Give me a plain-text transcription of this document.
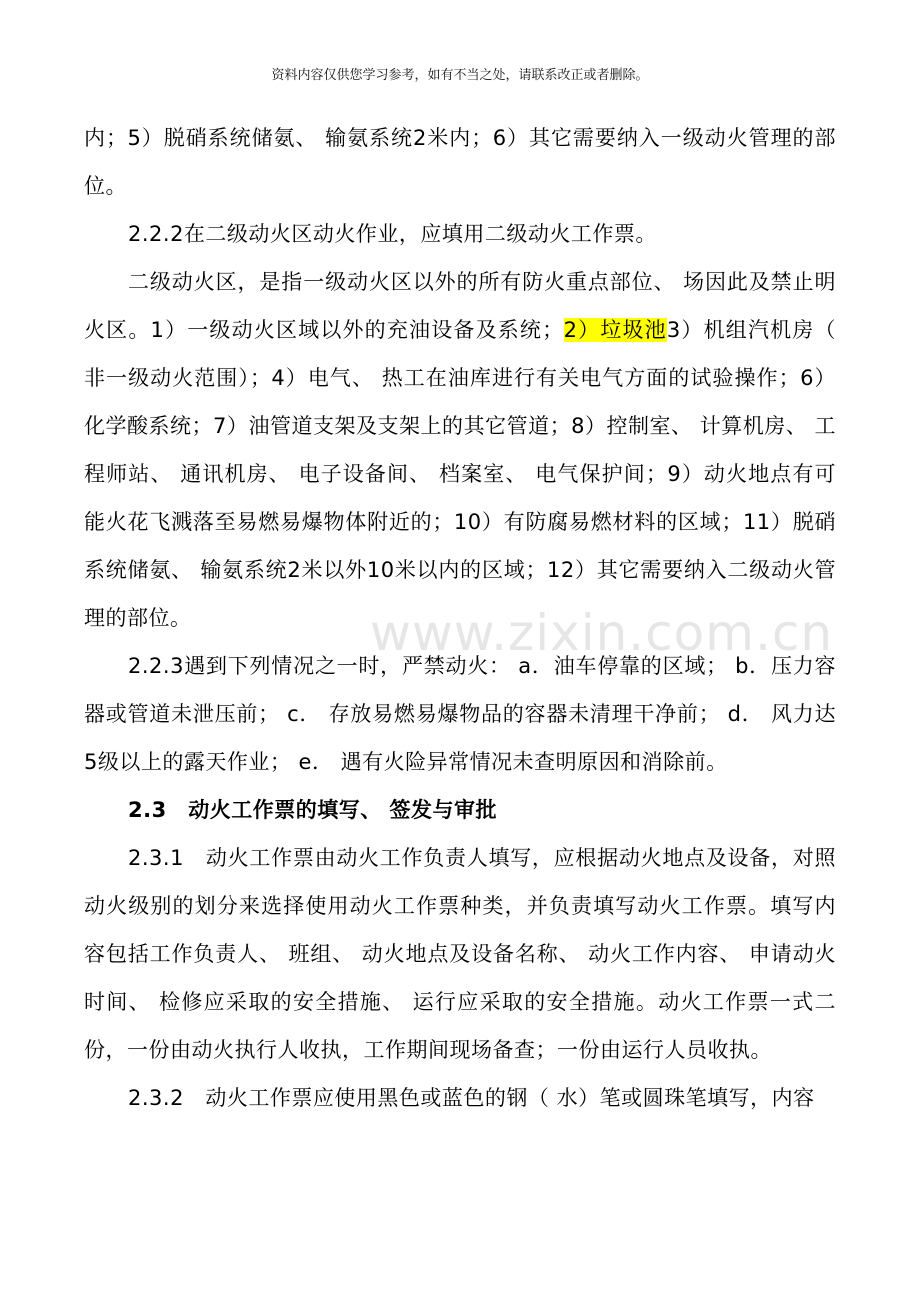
资料内容仅供您学习参考，如有不当之处，请联系改正或者删除。
www.zixin.com.cn

内；5）脱硝系统储氨、 输氨系统2米内；6）其它需要纳入一级动火管理的部位。

2.2.2在二级动火区动火作业，应填用二级动火工作票。

二级动火区，是指一级动火区以外的所有防火重点部位、 场因此及禁止明火区。1）一级动火区域以外的充油设备及系统；2）垃圾池3）机组汽机房（ 非一级动火范围）；4）电气、 热工在油库进行有关电气方面的试验操作；6）化学酸系统；7）油管道支架及支架上的其它管道；8）控制室、 计算机房、 工程师站、 通讯机房、 电子设备间、 档案室、 电气保护间；9）动火地点有可能火花飞溅落至易燃易爆物体附近的；10）有防腐易燃材料的区域；11）脱硝系统储氨、 输氨系统2米以外10米以内的区域；12）其它需要纳入二级动火管理的部位。

2.2.3遇到下列情况之一时，严禁动火： a．油车停靠的区域； b．压力容器或管道未泄压前； c． 存放易燃易爆物品的容器未清理干净前； d． 风力达5级以上的露天作业； e． 遇有火险异常情况未查明原因和消除前。

2.3　动火工作票的填写、 签发与审批

2.3.1　动火工作票由动火工作负责人填写，应根据动火地点及设备，对照动火级别的划分来选择使用动火工作票种类，并负责填写动火工作票。填写内容包括工作负责人、 班组、 动火地点及设备名称、 动火工作内容、 申请动火时间、 检修应采取的安全措施、 运行应采取的安全措施。动火工作票一式二份，一份由动火执行人收执，工作期间现场备查；一份由运行人员收执。

2.3.2　动火工作票应使用黑色或蓝色的钢（ 水）笔或圆珠笔填写，内容
